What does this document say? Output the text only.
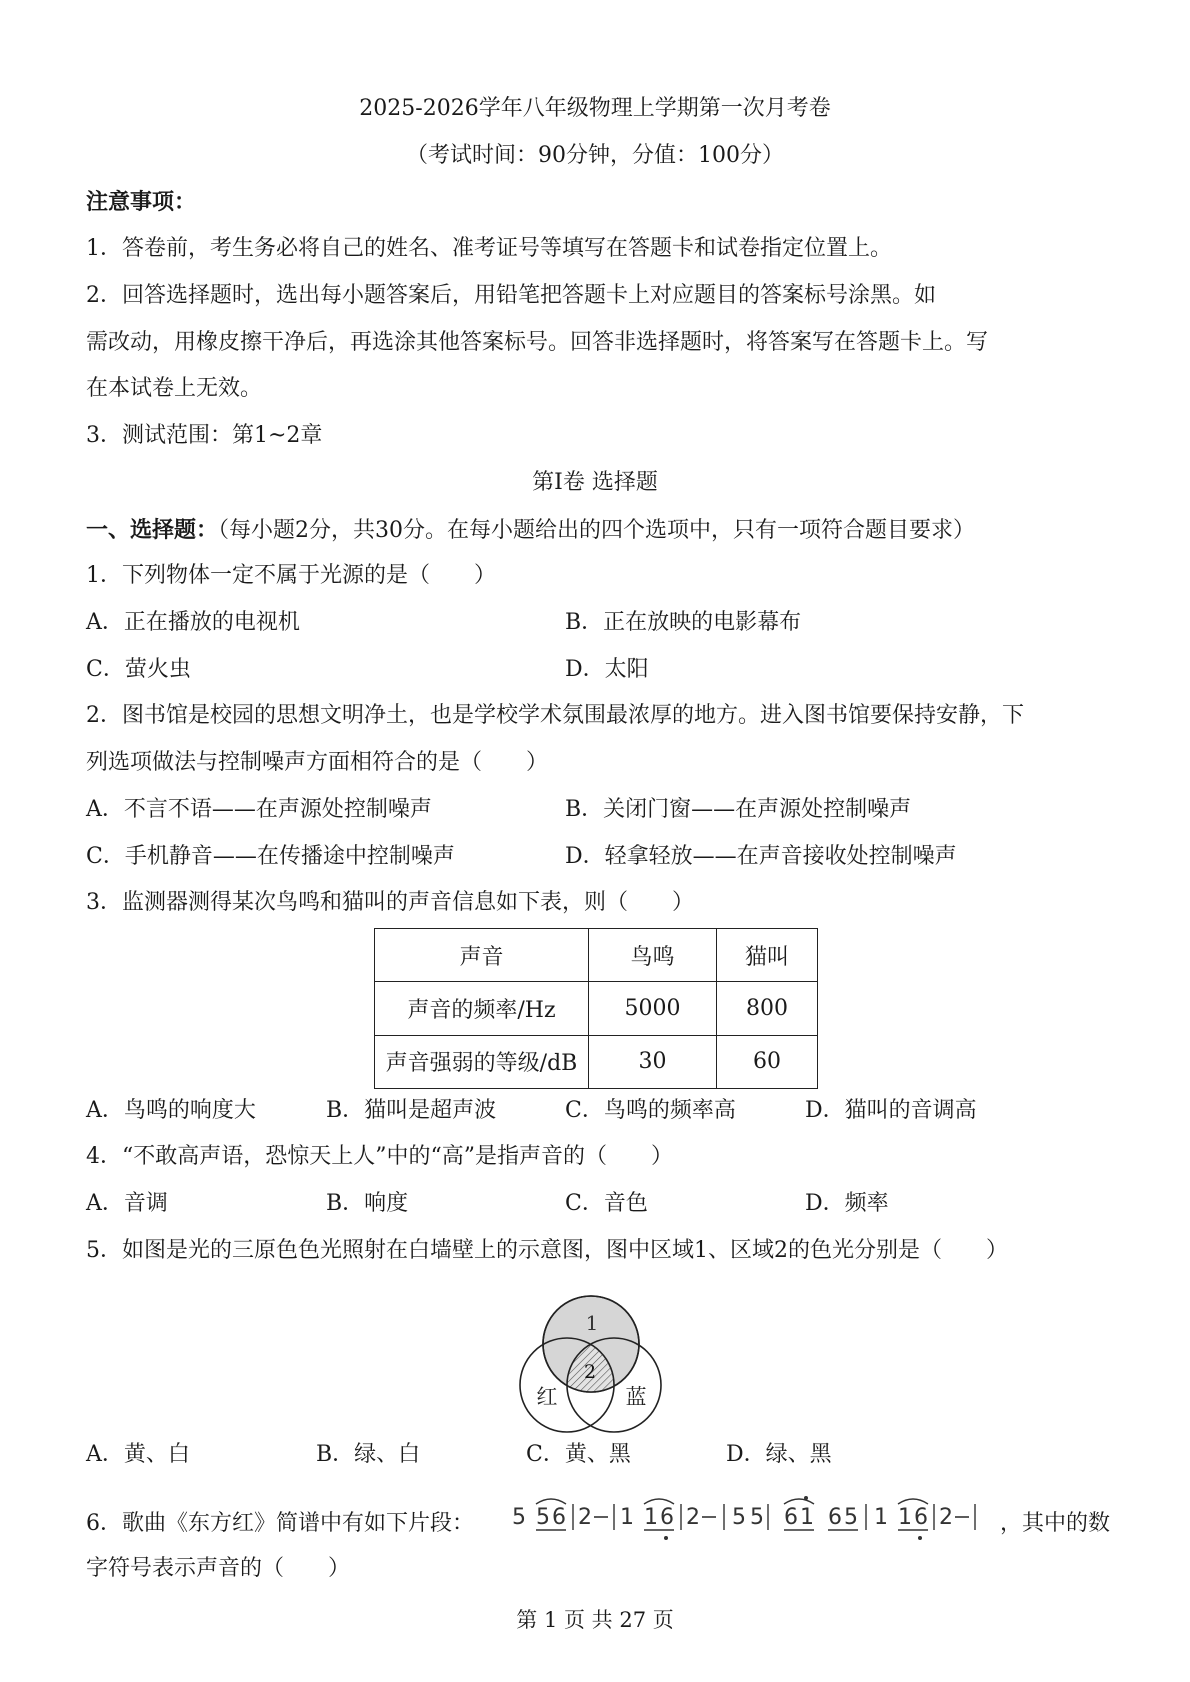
2025-2026学年八年级物理上学期第一次月考卷
（考试时间：90分钟，分值：100分）
注意事项：
1．答卷前，考生务必将自己的姓名、准考证号等填写在答题卡和试卷指定位置上。
2．回答选择题时，选出每小题答案后，用铅笔把答题卡上对应题目的答案标号涂黑。如
需改动，用橡皮擦干净后，再选涂其他答案标号。回答非选择题时，将答案写在答题卡上。写
在本试卷上无效。
3．测试范围：第1~2章
第Ⅰ卷 选择题
一、选择题：（每小题2分，共30分。在每小题给出的四个选项中，只有一项符合题目要求）
1．下列物体一定不属于光源的是（　　）
A．正在播放的电视机	B．正在放映的电影幕布
C．萤火虫	D．太阳
2．图书馆是校园的思想文明净土，也是学校学术氛围最浓厚的地方。进入图书馆要保持安静，下
列选项做法与控制噪声方面相符合的是（　　）
A．不言不语——在声源处控制噪声	B．关闭门窗——在声源处控制噪声
C．手机静音——在传播途中控制噪声	D．轻拿轻放——在声音接收处控制噪声
3．监测器测得某次鸟鸣和猫叫的声音信息如下表，则（　　）
声音	鸟鸣	猫叫
声音的频率/Hz	5000	800
声音强弱的等级/dB	30	60
A．鸟鸣的响度大	B．猫叫是超声波	C．鸟鸣的频率高	D．猫叫的音调高
4．“不敢高声语，恐惊天上人”中的“高”是指声音的（　　）
A．音调	B．响度	C．音色	D．频率
5．如图是光的三原色色光照射在白墙壁上的示意图，图中区域1、区域2的色光分别是（　　）
1
2
红	蓝
A．黄、白	B．绿、白	C．黄、黑	D．绿、黑
6．歌曲《东方红》简谱中有如下片段： 5 5 6 2 1 1 6 2 5 5 6 1 6 5 1 1 6 2 ，其中的数
字符号表示声音的（　　）
第 1 页 共 27 页
